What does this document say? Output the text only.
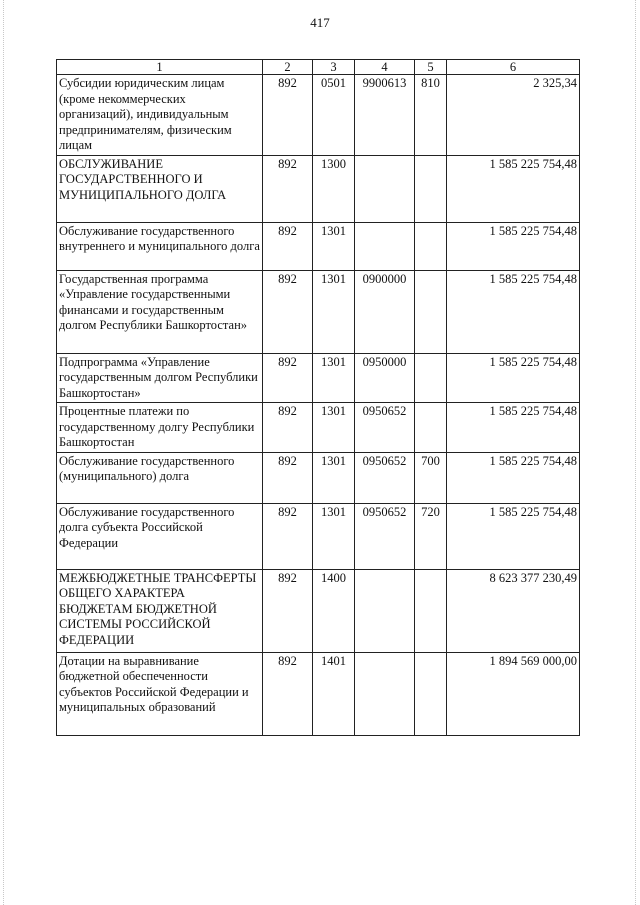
417
1	2	3	4	5	6
Субсидии юридическим лицам (кроме некоммерческих организаций), индивидуальным предпринимателям, физическим лицам	892	0501	9900613	810	2 325,34
ОБСЛУЖИВАНИЕ ГОСУДАРСТВЕННОГО И МУНИЦИПАЛЬНОГО ДОЛГА	892	1300			1 585 225 754,48
Обслуживание государственного внутреннего и муниципального долга	892	1301			1 585 225 754,48
Государственная программа «Управление государственными финансами и государственным долгом Республики Башкортостан»	892	1301	0900000		1 585 225 754,48
Подпрограмма «Управление государственным долгом Республики Башкортостан»	892	1301	0950000		1 585 225 754,48
Процентные платежи по государственному долгу Республики Башкортостан	892	1301	0950652		1 585 225 754,48
Обслуживание государственного (муниципального) долга	892	1301	0950652	700	1 585 225 754,48
Обслуживание государственного долга субъекта Российской Федерации	892	1301	0950652	720	1 585 225 754,48
МЕЖБЮДЖЕТНЫЕ ТРАНСФЕРТЫ ОБЩЕГО ХАРАКТЕРА БЮДЖЕТАМ БЮДЖЕТНОЙ СИСТЕМЫ РОССИЙСКОЙ ФЕДЕРАЦИИ	892	1400			8 623 377 230,49
Дотации на выравнивание бюджетной обеспеченности субъектов Российской Федерации и муниципальных образований	892	1401			1 894 569 000,00
